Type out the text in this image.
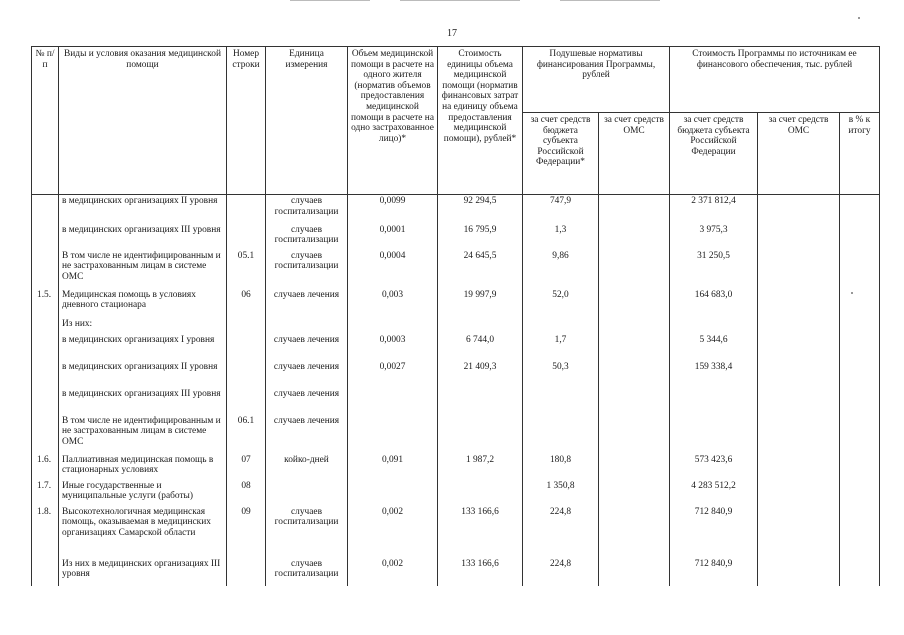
17
№ п/п	Виды и условия оказания медицинской помощи	Номер строки	Единица измерения	Объем медицинской помощи в расчете на одного жителя (норматив объемов предоставления медицинской помощи в расчете на одно застрахованное лицо)*	Стоимость единицы объема медицинской помощи (норматив финансовых затрат на единицу объема предоставления медицинской помощи), рублей*	Подушевые нормативы финансирования Программы, рублей		Стоимость Программы по источникам ее финансового обеспечения, тыс. рублей		
						за счет средств бюджета субъекта Российской Федерации*	за счет средств ОМС	за счет средств бюджета субъекта Российской Федерации	за счет средств ОМС	в % к итогу
	в медицинских организациях II уровня		случаев госпитализации	0,0099	92 294,5	747,9		2 371 812,4		
	в медицинских организациях III уровня		случаев госпитализации	0,0001	16 795,9	1,3		3 975,3		
	В том числе не идентифицированным и не застрахованным лицам в системе ОМС	05.1	случаев госпитализации	0,0004	24 645,5	9,86		31 250,5		
1.5.	Медицинская помощь в условиях дневного стационара	06	случаев лечения	0,003	19 997,9	52,0		164 683,0		
	Из них:									
	в медицинских организациях I уровня		случаев лечения	0,0003	6 744,0	1,7		5 344,6		
	в медицинских организациях II уровня		случаев лечения	0,0027	21 409,3	50,3		159 338,4		
	в медицинских организациях III уровня		случаев лечения							
	В том числе не идентифицированным и не застрахованным лицам в системе ОМС	06.1	случаев лечения							
1.6.	Паллиативная медицинская помощь в стационарных условиях	07	койко-дней	0,091	1 987,2	180,8		573 423,6		
1.7.	Иные государственные и муниципальные услуги (работы)	08				1 350,8		4 283 512,2		
1.8.	Высокотехнологичная медицинская помощь, оказываемая в медицинских организациях Самарской области	09	случаев госпитализации	0,002	133 166,6	224,8		712 840,9		
	Из них в медицинских организациях III уровня		случаев госпитализации	0,002	133 166,6	224,8		712 840,9		
